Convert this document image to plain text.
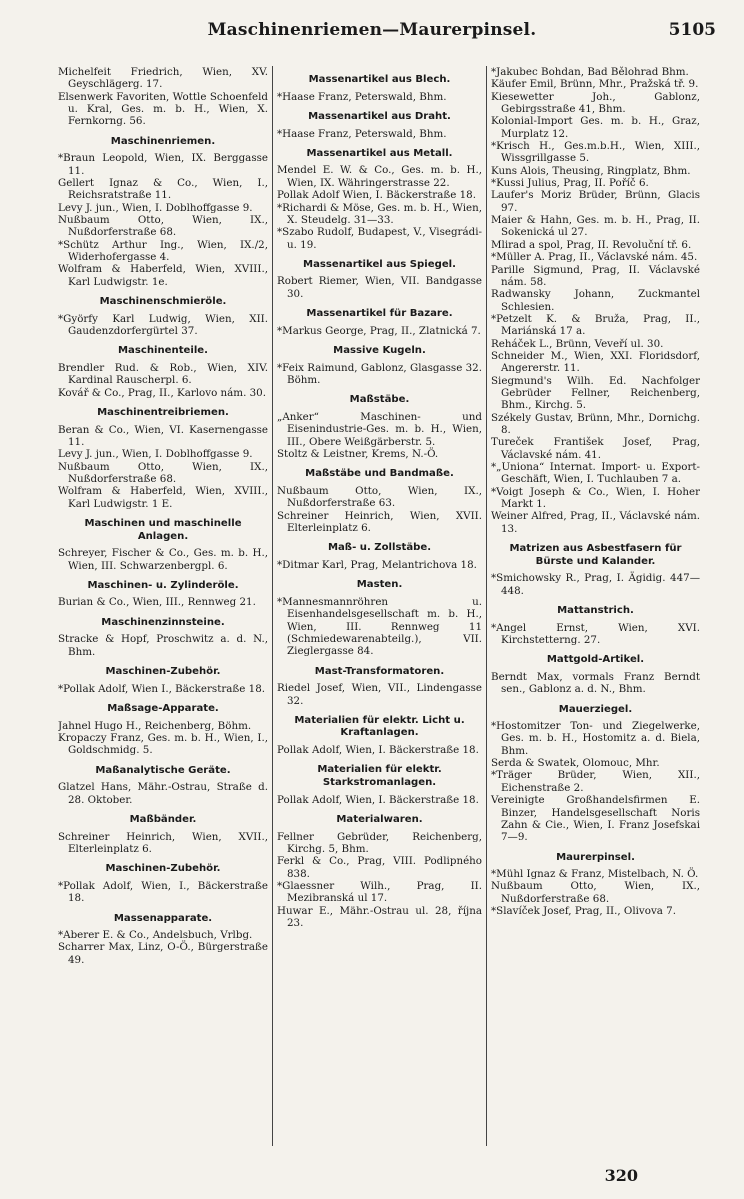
Maschinenriemen—Maurerpinsel.	5105
Michelfeit Friedrich, Wien, XV. Geyschlägerg. 17.
Elsenwerk Favoriten, Wottle Schoenfeld u. Kral, Ges. m. b. H., Wien, X. Fernkorng. 56.
Maschinenriemen.
*Braun Leopold, Wien, IX. Berggasse 11.
Gellert Ignaz & Co., Wien, I., Reichsratstraße 11.
Levy J. jun., Wien, I. Doblhoffgasse 9.
Nußbaum Otto, Wien, IX., Nußdorferstraße 68.
*Schütz Arthur Ing., Wien, IX./2, Widerhofergasse 4.
Wolfram & Haberfeld, Wien, XVIII., Karl Ludwigstr. 1e.
Maschinenschmieröle.
*Györfy Karl Ludwig, Wien, XII. Gaudenzdorfergürtel 37.
Maschinenteile.
Brendler Rud. & Rob., Wien, XIV. Kardinal Rauscherpl. 6.
Kovář & Co., Prag, II., Karlovo nám. 30.
Maschinentreibriemen.
Beran & Co., Wien, VI. Kasernengasse 11.
Levy J. jun., Wien, I. Doblhoffgasse 9.
Nußbaum Otto, Wien, IX., Nußdorferstraße 68.
Wolfram & Haberfeld, Wien, XVIII., Karl Ludwigstr. 1 E.
Maschinen und maschinelle Anlagen.
Schreyer, Fischer & Co., Ges. m. b. H., Wien, III. Schwarzenbergpl. 6.
Maschinen- u. Zylinderöle.
Burian & Co., Wien, III., Rennweg 21.
Maschinenzinnsteine.
Stracke & Hopf, Proschwitz a. d. N., Bhm.
Maschinen-Zubehör.
*Pollak Adolf, Wien I., Bäckerstraße 18.
Maßsage-Apparate.
Jahnel Hugo H., Reichenberg, Böhm.
Kropaczy Franz, Ges. m. b. H., Wien, I., Goldschmidg. 5.
Maßanalytische Geräte.
Glatzel Hans, Mähr.-Ostrau, Straße d. 28. Oktober.
Maßbänder.
Schreiner Heinrich, Wien, XVII., Elterleinplatz 6.
Maschinen-Zubehör.
*Pollak Adolf, Wien, I., Bäckerstraße 18.
Massenapparate.
*Aberer E. & Co., Andelsbuch, Vrlbg.
Scharrer Max, Linz, O-Ö., Bürgerstraße 49.
Massenartikel aus Blech.
*Haase Franz, Peterswald, Bhm.
Massenartikel aus Draht.
*Haase Franz, Peterswald, Bhm.
Massenartikel aus Metall.
Mendel E. W. & Co., Ges. m. b. H., Wien, IX. Währingerstrasse 22.
Pollak Adolf Wien, I. Bäckerstraße 18.
*Richardi & Möse, Ges. m. b. H., Wien, X. Steudelg. 31—33.
*Szabo Rudolf, Budapest, V., Visegrádi-u. 19.
Massenartikel aus Spiegel.
Robert Riemer, Wien, VII. Bandgasse 30.
Massenartikel für Bazare.
*Markus George, Prag, II., Zlatnická 7.
Massive Kugeln.
*Feix Raimund, Gablonz, Glasgasse 32. Böhm.
Maßstäbe.
„Anker“ Maschinen- und Eisenindustrie-Ges. m. b. H., Wien, III., Obere Weißgärberstr. 5.
Stoltz & Leistner, Krems, N.-Ö.
Maßstäbe und Bandmaße.
Nußbaum Otto, Wien, IX., Nußdorferstraße 63.
Schreiner Heinrich, Wien, XVII. Elterleinplatz 6.
Maß- u. Zollstäbe.
*Ditmar Karl, Prag, Melantrichova 18.
Masten.
*Mannesmannröhren u. Eisenhandelsgesellschaft m. b. H., Wien, III. Rennweg 11 (Schmiedewarenabteilg.), VII. Zieglergasse 84.
Mast-Transformatoren.
Riedel Josef, Wien, VII., Lindengasse 32.
Materialien für elektr. Licht u. Kraftanlagen.
Pollak Adolf, Wien, I. Bäckerstraße 18.
Materialien für elektr. Starkstromanlagen.
Pollak Adolf, Wien, I. Bäckerstraße 18.
Materialwaren.
Fellner Gebrüder, Reichenberg, Kirchg. 5, Bhm.
Ferkl & Co., Prag, VIII. Podlipného 838.
*Glaessner Wilh., Prag, II. Mezibranská ul 17.
Huwar E., Mähr.-Ostrau ul. 28, října 23.
*Jakubec Bohdan, Bad Bělohrad Bhm.
Käufer Emil, Brünn, Mhr., Pražská tř. 9.
Kiesewetter Joh., Gablonz, Gebirgsstraße 41, Bhm.
Kolonial-Import Ges. m. b. H., Graz, Murplatz 12.
*Krisch H., Ges.m.b.H., Wien, XIII., Wissgrillgasse 5.
Kuns Alois, Theusing, Ringplatz, Bhm.
*Kussi Julius, Prag, II. Poříč 6.
Laufer's Moriz Brüder, Brünn, Glacis 97.
Maier & Hahn, Ges. m. b. H., Prag, II. Sokenická ul 27.
Mlirad a spol, Prag, II. Revoluční tř. 6.
*Müller A. Prag, II., Václavské nám. 45.
Parille Sigmund, Prag, II. Václavské nám. 58.
Radwansky Johann, Zuckmantel Schlesien.
*Petzelt K. & Bruža, Prag, II., Mariánská 17 a.
Reháček L., Brünn, Veveří ul. 30.
Schneider M., Wien, XXI. Floridsdorf, Angererstr. 11.
Siegmund's Wilh. Ed. Nachfolger Gebrüder Fellner, Reichenberg, Bhm., Kirchg. 5.
Székely Gustav, Brünn, Mhr., Dornichg. 8.
Tureček František Josef, Prag, Václavské nám. 41.
*„Uniona“ Internat. Import- u. Export-Geschäft, Wien, I. Tuchlauben 7 a.
*Voigt Joseph & Co., Wien, I. Hoher Markt 1.
Weiner Alfred, Prag, II., Václavské nám. 13.
Matrizen aus Asbestfasern für Bürste und Kalander.
*Smichowsky R., Prag, I. Ägidig. 447—448.
Mattanstrich.
*Angel Ernst, Wien, XVI. Kirchstetterng. 27.
Mattgold-Artikel.
Berndt Max, vormals Franz Berndt sen., Gablonz a. d. N., Bhm.
Mauerziegel.
*Hostomitzer Ton- und Ziegelwerke, Ges. m. b. H., Hostomitz a. d. Biela, Bhm.
Serda & Swatek, Olomouc, Mhr.
*Träger Brüder, Wien, XII., Eichenstraße 2.
Vereinigte Großhandelsfirmen E. Binzer, Handelsgesellschaft Noris Zahn & Cie., Wien, I. Franz Josefskai 7—9.
Maurerpinsel.
*Mühl Ignaz & Franz, Mistelbach, N. Ö.
Nußbaum Otto, Wien, IX., Nußdorferstraße 68.
*Slavíček Josef, Prag, II., Olivova 7.
320
